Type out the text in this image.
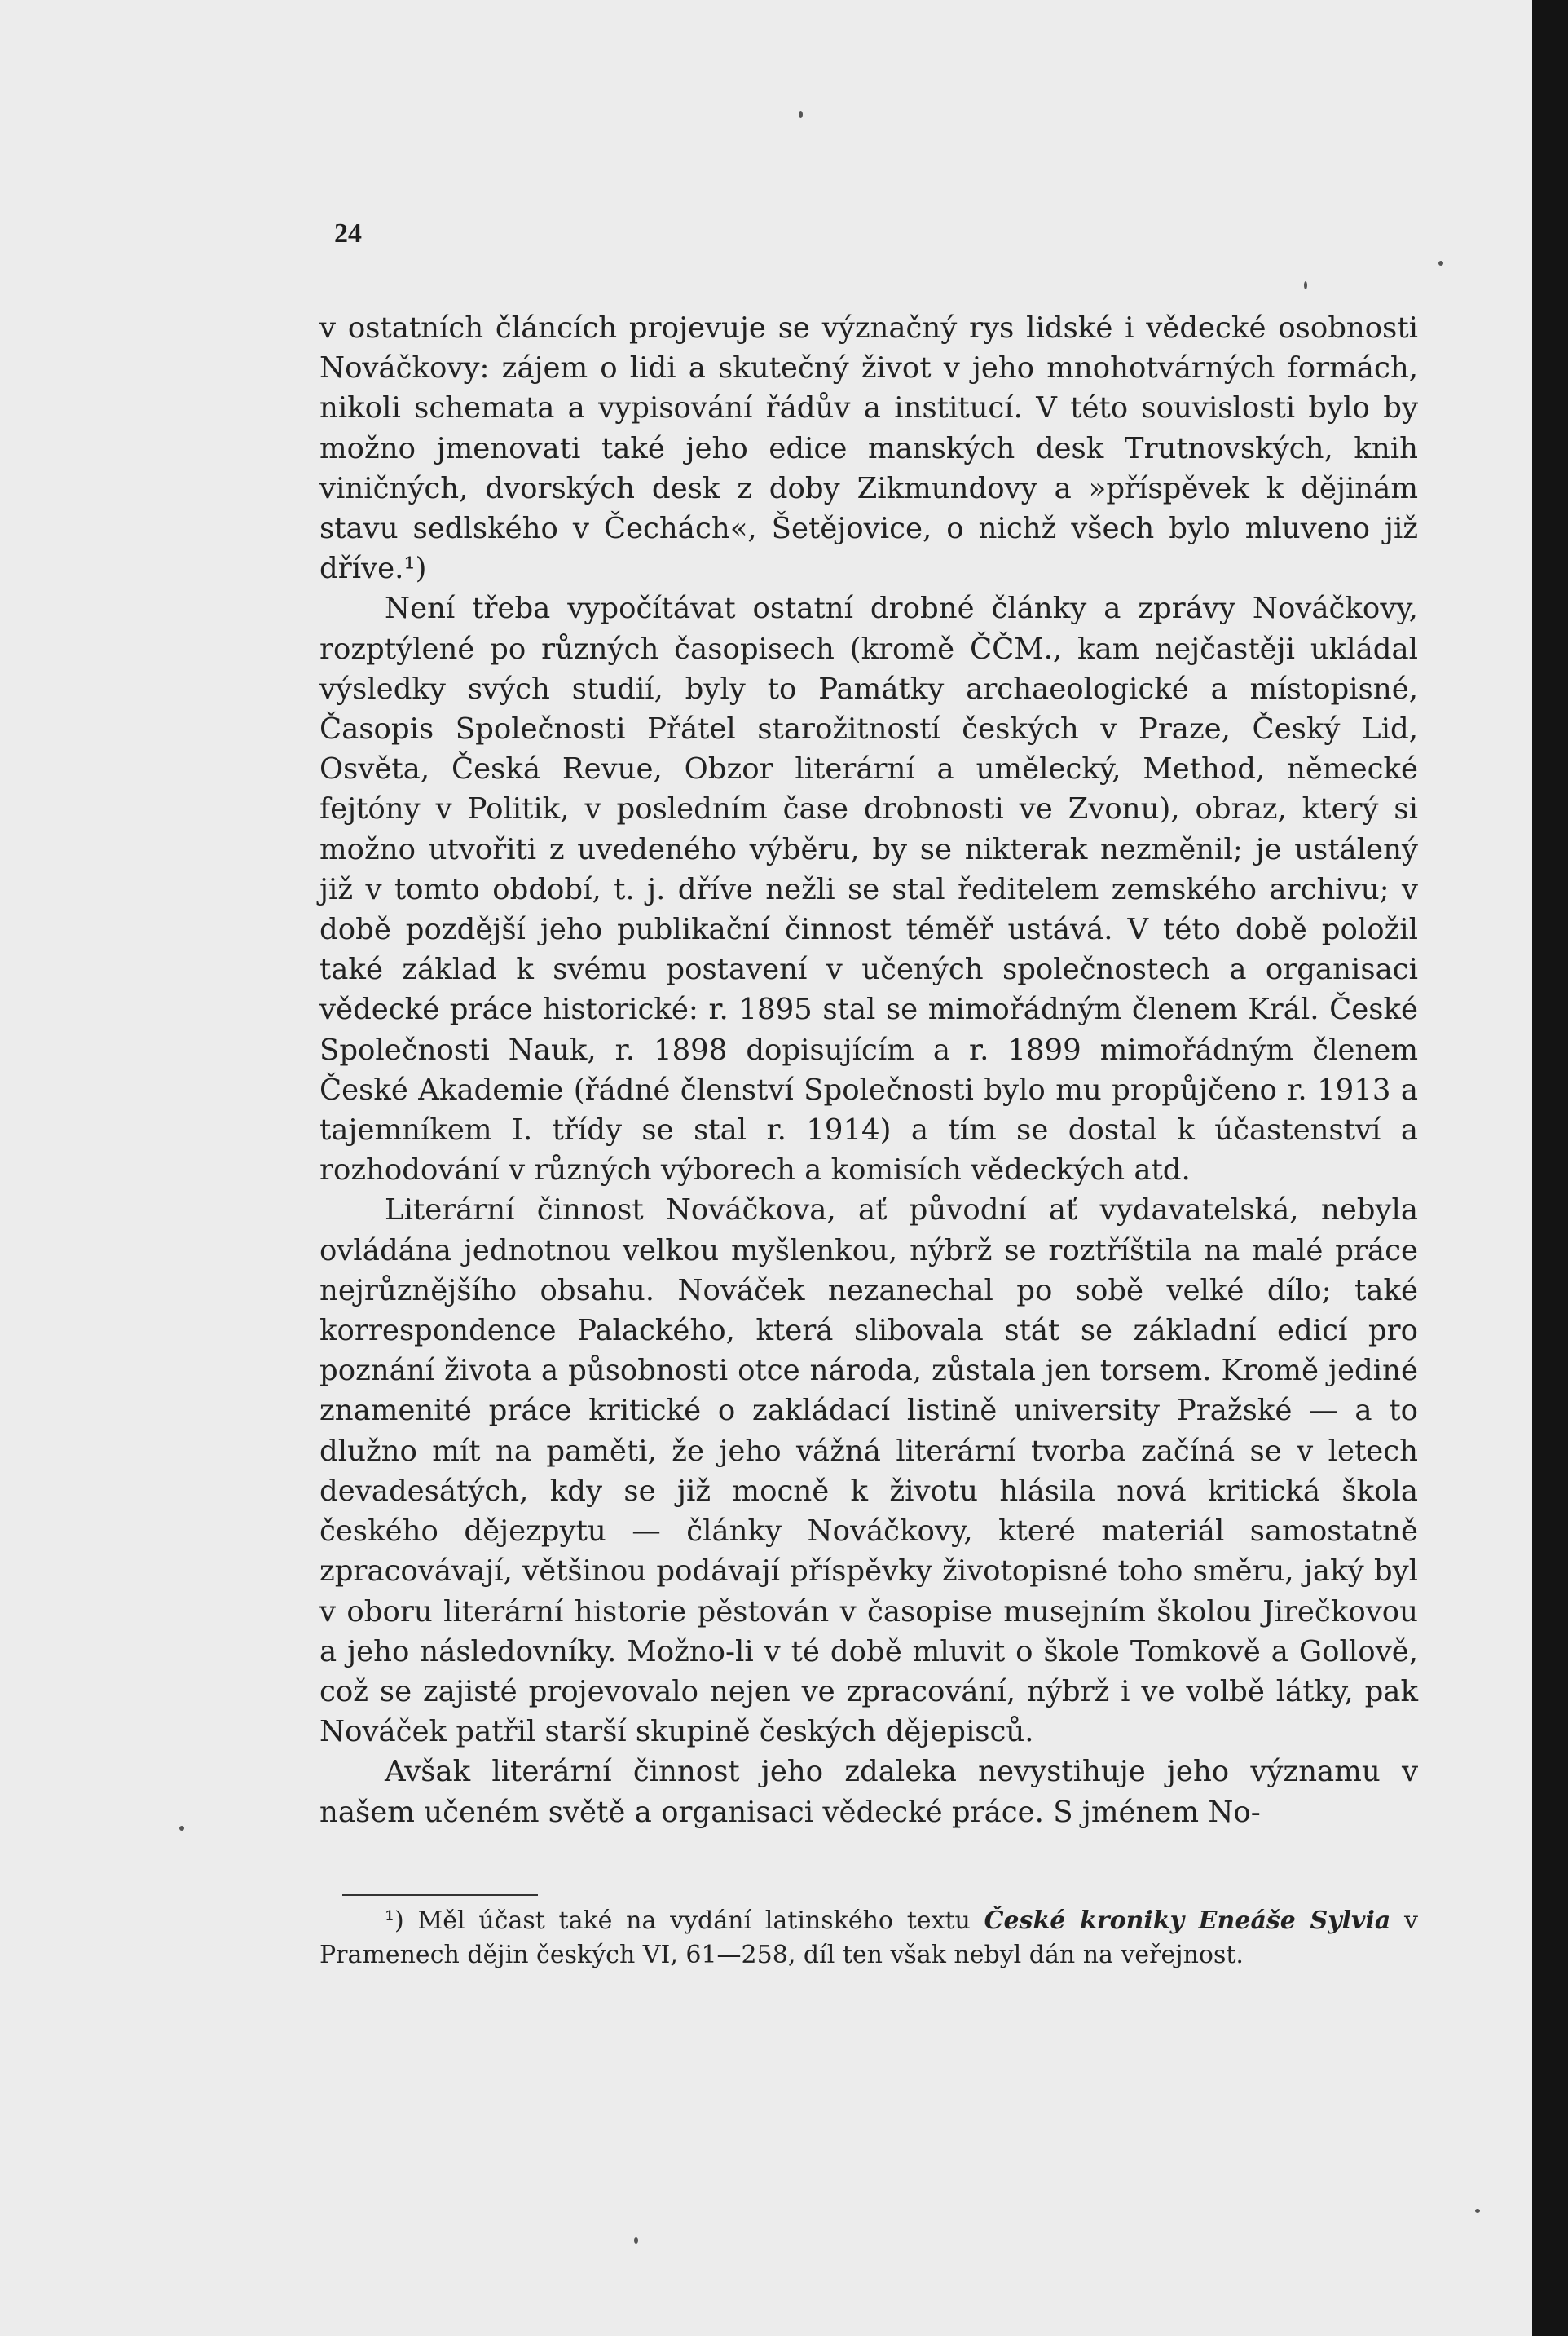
24

v ostatních článcích projevuje se význačný rys lidské i vědecké osobnosti Nováčkovy: zájem o lidi a skutečný život v jeho mnohotvárných formách, nikoli schemata a vypisování řádův a institucí. V této souvislosti bylo by možno jmenovati také jeho edice manských desk Trutnovských, knih viničných, dvorských desk z doby Zikmundovy a »příspěvek k dějinám stavu sedlského v Čechách«, Šetějovice, o nichž všech bylo mluveno již dříve.¹)

Není třeba vypočítávat ostatní drobné články a zprávy Nováčkovy, rozptýlené po různých časopisech (kromě ČČM., kam nejčastěji ukládal výsledky svých studií, byly to Památky archaeologické a místopisné, Časopis Společnosti Přátel starožitností českých v Praze, Český Lid, Osvěta, Česká Revue, Obzor literární a umělecký, Method, německé fejtóny v Politik, v posledním čase drobnosti ve Zvonu), obraz, který si možno utvořiti z uvedeného výběru, by se nikterak nezměnil; je ustálený již v tomto období, t. j. dříve nežli se stal ředitelem zemského archivu; v době pozdější jeho publikační činnost téměř ustává. V této době položil také základ k svému postavení v učených společnostech a organisaci vědecké práce historické: r. 1895 stal se mimořádným členem Král. České Společnosti Nauk, r. 1898 dopisujícím a r. 1899 mimořádným členem České Akademie (řádné členství Společnosti bylo mu propůjčeno r. 1913 a tajemníkem I. třídy se stal r. 1914) a tím se dostal k účastenství a rozhodování v různých výborech a komisích vědeckých atd.

Literární činnost Nováčkova, ať původní ať vydavatelská, nebyla ovládána jednotnou velkou myšlenkou, nýbrž se roztříštila na malé práce nejrůznějšího obsahu. Nováček nezanechal po sobě velké dílo; také korrespondence Palackého, která slibovala stát se základní edicí pro poznání života a působnosti otce národa, zůstala jen torsem. Kromě jediné znamenité práce kritické o zakládací listině university Pražské — a to dlužno mít na paměti, že jeho vážná literární tvorba začíná se v letech devadesátých, kdy se již mocně k životu hlásila nová kritická škola českého dějezpytu — články Nováčkovy, které materiál samostatně zpracovávají, většinou podávají příspěvky životopisné toho směru, jaký byl v oboru literární historie pěstován v časopise musejním školou Jirečkovou a jeho následovníky. Možno-li v té době mluvit o škole Tomkově a Gollově, což se zajisté projevovalo nejen ve zpracování, nýbrž i ve volbě látky, pak Nováček patřil starší skupině českých dějepisců.

Avšak literární činnost jeho zdaleka nevystihuje jeho významu v našem učeném světě a organisaci vědecké práce. S jménem No-

¹) Měl účast také na vydání latinského textu České kroniky Eneáše Sylvia v Pramenech dějin českých VI, 61—258, díl ten však nebyl dán na veřejnost.
